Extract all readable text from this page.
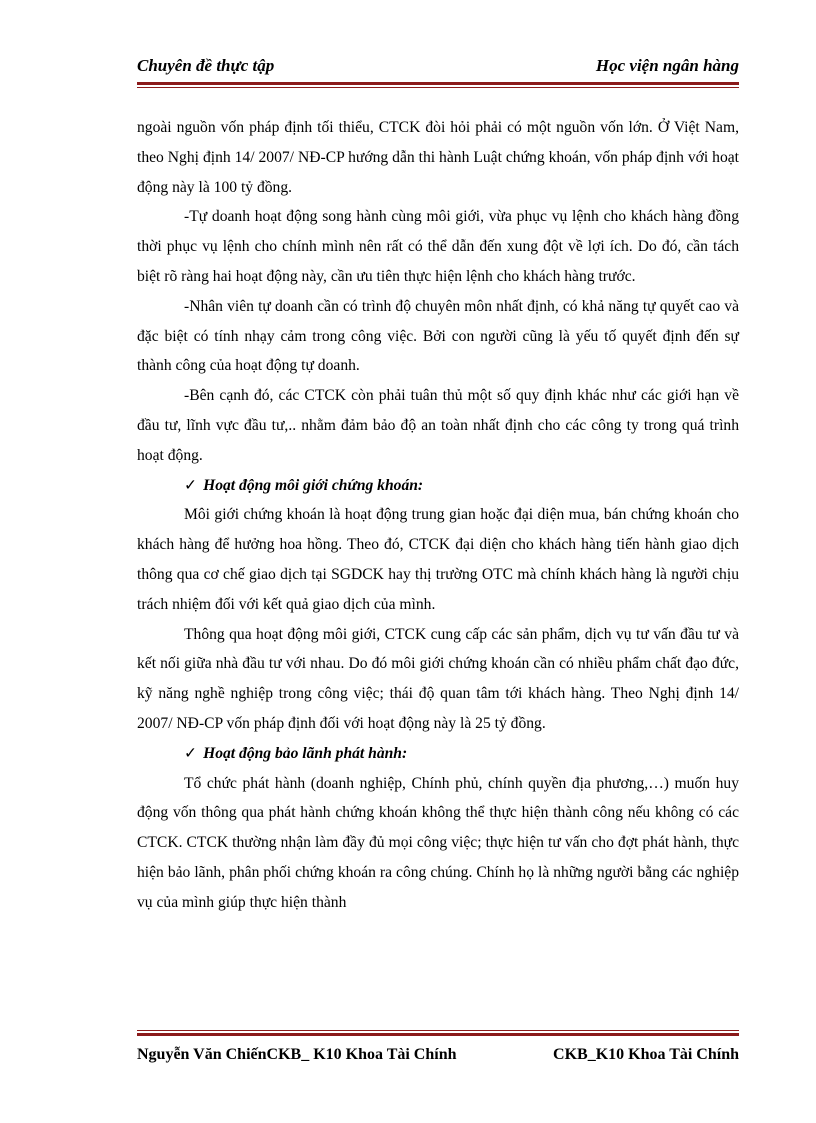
Chuyên đề thực tập	Học viện ngân hàng

ngoài nguồn vốn pháp định tối thiểu, CTCK đòi hỏi phải có một nguồn vốn lớn. Ở Việt Nam, theo Nghị định 14/ 2007/ NĐ-CP hướng dẫn thi hành Luật chứng khoán, vốn pháp định với hoạt động này là 100 tỷ đồng.

-Tự doanh hoạt động song hành cùng môi giới, vừa phục vụ lệnh cho khách hàng đồng thời phục vụ lệnh cho chính mình nên rất có thể dẫn đến xung đột về lợi ích. Do đó, cần tách biệt rõ ràng hai hoạt động này, cần ưu tiên thực hiện lệnh cho khách hàng trước.

-Nhân viên tự doanh cần có trình độ chuyên môn nhất định, có khả năng tự quyết cao và đặc biệt có tính nhạy cảm trong công việc. Bởi con người cũng là yếu tố quyết định đến sự thành công của hoạt động tự doanh.

-Bên cạnh đó, các CTCK còn phải tuân thủ một số quy định khác như các giới hạn về đầu tư, lĩnh vực đầu tư,.. nhằm đảm bảo độ an toàn nhất định cho các công ty trong quá trình hoạt động.

✓ Hoạt động môi giới chứng khoán:

Môi giới chứng khoán là hoạt động trung gian hoặc đại diện mua, bán chứng khoán cho khách hàng để hưởng hoa hồng. Theo đó, CTCK đại diện cho khách hàng tiến hành giao dịch thông qua cơ chế giao dịch tại SGDCK hay thị trường OTC mà chính khách hàng là người chịu trách nhiệm đối với kết quả giao dịch của mình.

Thông qua hoạt động môi giới, CTCK cung cấp các sản phẩm, dịch vụ tư vấn đầu tư và kết nối giữa nhà đầu tư với nhau. Do đó môi giới chứng khoán cần có nhiều phẩm chất đạo đức, kỹ năng nghề nghiệp trong công việc; thái độ quan tâm tới khách hàng. Theo Nghị định 14/ 2007/ NĐ-CP vốn pháp định đối với hoạt động này là 25 tỷ đồng.

✓ Hoạt động bảo lãnh phát hành:

Tổ chức phát hành (doanh nghiệp, Chính phủ, chính quyền địa phương,…) muốn huy động vốn thông qua phát hành chứng khoán không thể thực hiện thành công nếu không có các CTCK. CTCK thường nhận làm đầy đủ mọi công việc; thực hiện tư vấn cho đợt phát hành, thực hiện bảo lãnh, phân phối chứng khoán ra công chúng. Chính họ là những người bằng các nghiệp vụ của mình giúp thực hiện thành

Nguyễn Văn ChiếnCKB_ K10 Khoa Tài Chính	CKB_K10 Khoa Tài Chính
